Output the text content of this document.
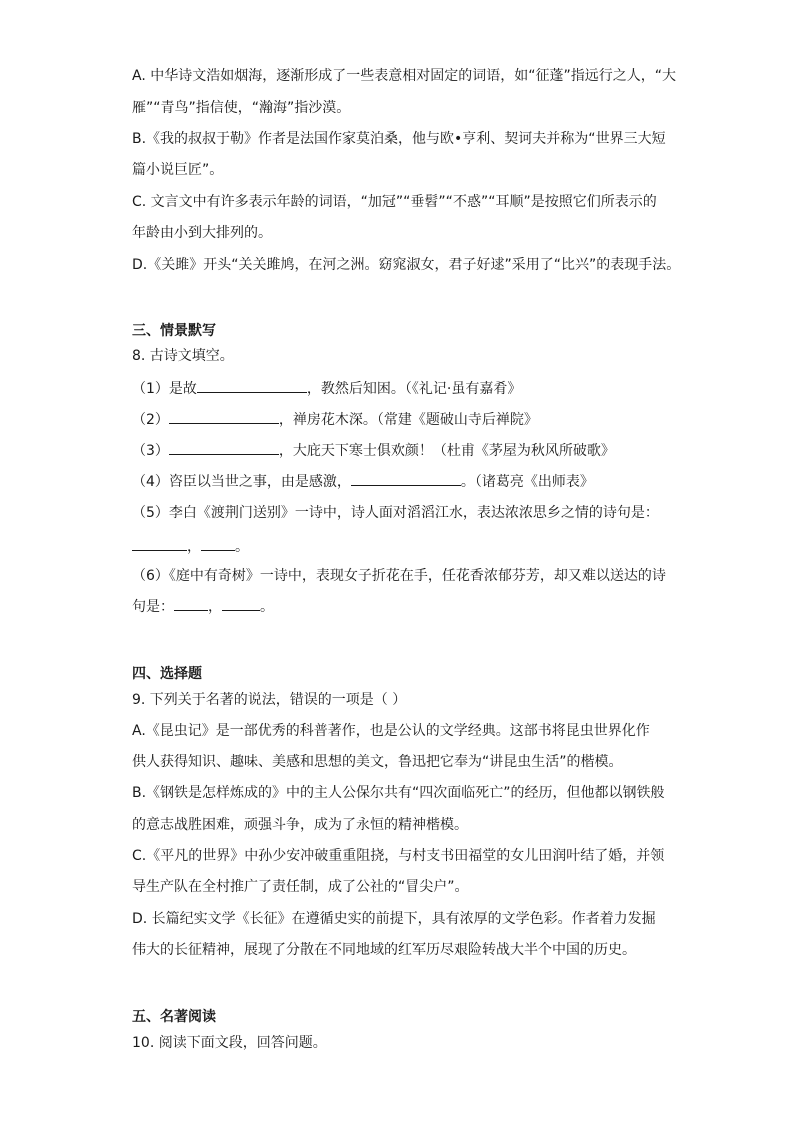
A. 中华诗文浩如烟海，逐渐形成了一些表意相对固定的词语，如“征蓬”指远行之人，“大
雁”“青鸟”指信使，“瀚海”指沙漠。
B.《我的叔叔于勒》作者是法国作家莫泊桑，他与欧•亨利、契诃夫并称为“世界三大短
篇小说巨匠”。
C. 文言文中有许多表示年龄的词语，“加冠”“垂髫”“不惑”“耳顺”是按照它们所表示的
年龄由小到大排列的。
D.《关雎》开头“关关雎鸠，在河之洲。窈窕淑女，君子好逑”采用了“比兴”的表现手法。
三、情景默写
8. 古诗文填空。
（1）是故	，教然后知困。（《礼记·虽有嘉肴》
（2）	，禅房花木深。（常建《题破山寺后禅院》
（3）	，大庇天下寒士俱欢颜！（杜甫《茅屋为秋风所破歌》
（4）咨臣以当世之事，由是感激，	。（诸葛亮《出师表》
（5）李白《渡荆门送别》一诗中，诗人面对滔滔江水，表达浓浓思乡之情的诗句是：
， 。
（6）《庭中有奇树》一诗中，表现女子折花在手，任花香浓郁芬芳，却又难以送达的诗
句是： ，	。
四、选择题
9. 下列关于名著的说法，错误的一项是（ ）
A.《昆虫记》是一部优秀的科普著作，也是公认的文学经典。这部书将昆虫世界化作
供人获得知识、趣味、美感和思想的美文，鲁迅把它奉为“讲昆虫生活”的楷模。
B.《钢铁是怎样炼成的》中的主人公保尔共有“四次面临死亡”的经历，但他都以钢铁般
的意志战胜困难，顽强斗争，成为了永恒的精神楷模。
C.《平凡的世界》中孙少安冲破重重阻挠，与村支书田福堂的女儿田润叶结了婚，并领
导生产队在全村推广了责任制，成了公社的“冒尖户”。
D. 长篇纪实文学《长征》在遵循史实的前提下，具有浓厚的文学色彩。作者着力发掘
伟大的长征精神，展现了分散在不同地域的红军历尽艰险转战大半个中国的历史。
五、名著阅读
10. 阅读下面文段，回答问题。
